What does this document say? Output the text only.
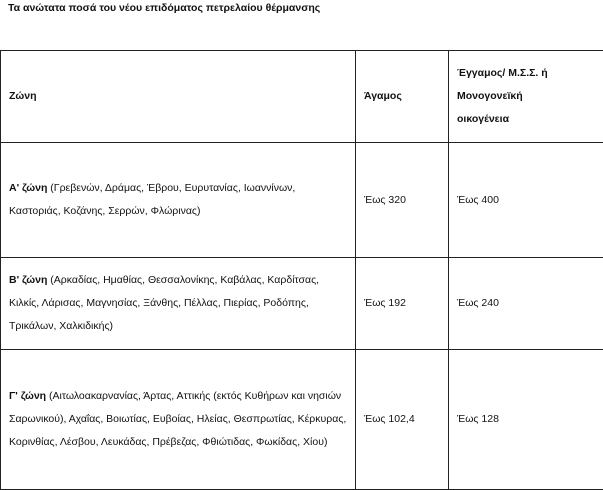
Τα ανώτατα ποσά του νέου επιδόματος πετρελαίου θέρμανσης
Ζώνη	Άγαμος	Έγγαμος/ Μ.Σ.Σ. ή
Μονογονεϊκή
οικογένεια

Α' ζώνη (Γρεβενών, Δράμας, Έβρου, Ευρυτανίας, Ιωαννίνων, Καστοριάς, Κοζάνης, Σερρών, Φλώρινας)	Έως 320	Έως 400
Β' ζώνη (Αρκαδίας, Ημαθίας, Θεσσαλονίκης, Καβάλας, Καρδίτσας, Κιλκίς, Λάρισας, Μαγνησίας, Ξάνθης, Πέλλας, Πιερίας, Ροδόπης, Τρικάλων, Χαλκιδικής)	Έως 192	Έως 240
Γ' ζώνη (Αιτωλοακαρνανίας, Άρτας, Αττικής (εκτός Κυθήρων και νησιών Σαρωνικού), Αχαΐας, Βοιωτίας, Ευβοίας, Ηλείας, Θεσπρωτίας, Κέρκυρας, Κορινθίας, Λέσβου, Λευκάδας, Πρέβεζας, Φθιώτιδας, Φωκίδας, Χίου)	Έως 102,4	Έως 128
